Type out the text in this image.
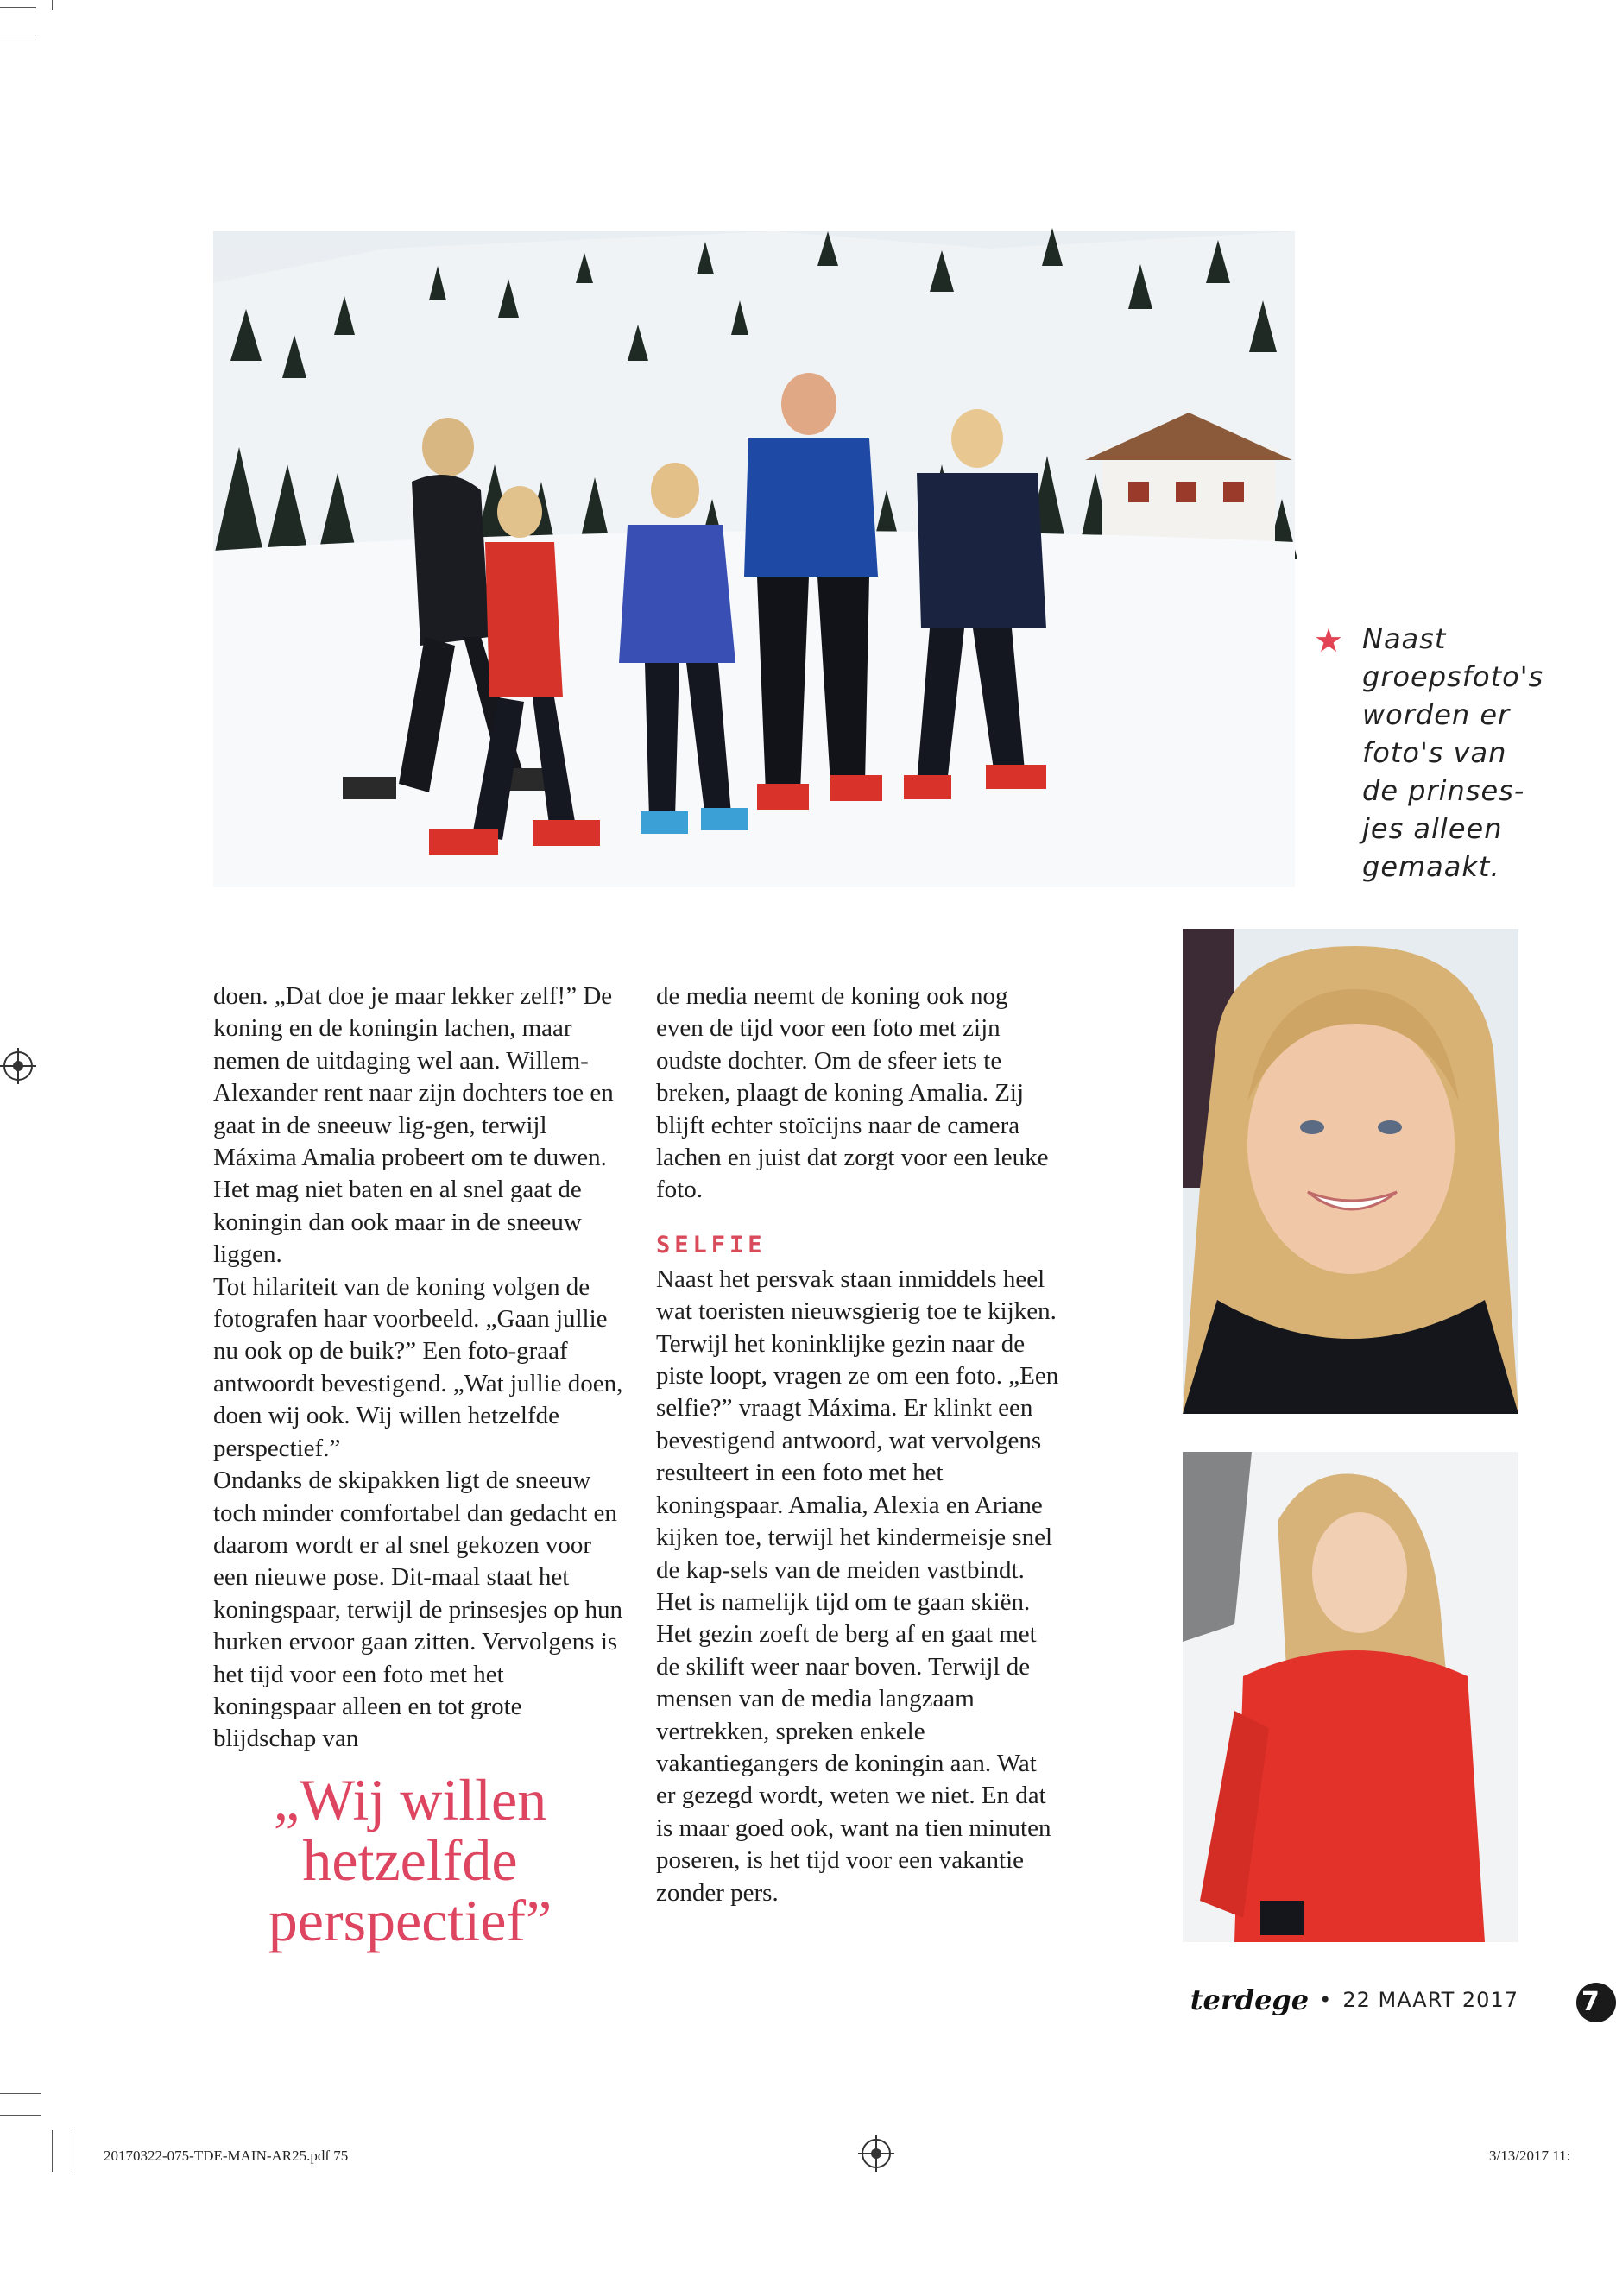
★ Naast groepsfoto's worden er foto's van de prinses-jes alleen gemaakt.

doen. „Dat doe je maar lekker zelf!” De koning en de koningin lachen, maar nemen de uitdaging wel aan. Willem-Alexander rent naar zijn dochters toe en gaat in de sneeuw lig-gen, terwijl Máxima Amalia probeert om te duwen. Het mag niet baten en al snel gaat de koningin dan ook maar in de sneeuw liggen.

Tot hilariteit van de koning volgen de fotografen haar voorbeeld. „Gaan jullie nu ook op de buik?” Een foto-graaf antwoordt bevestigend. „Wat jullie doen, doen wij ook. Wij willen hetzelfde perspectief.”

Ondanks de skipakken ligt de sneeuw toch minder comfortabel dan gedacht en daarom wordt er al snel gekozen voor een nieuwe pose. Dit-maal staat het koningspaar, terwijl de prinsesjes op hun hurken ervoor gaan zitten. Vervolgens is het tijd voor een foto met het koningspaar alleen en tot grote blijdschap van

„Wij willen hetzelfde perspectief”

de media neemt de koning ook nog even de tijd voor een foto met zijn oudste dochter. Om de sfeer iets te breken, plaagt de koning Amalia. Zij blijft echter stoïcijns naar de camera lachen en juist dat zorgt voor een leuke foto.

SELFIE

Naast het persvak staan inmiddels heel wat toeristen nieuwsgierig toe te kijken. Terwijl het koninklijke gezin naar de piste loopt, vragen ze om een foto. „Een selfie?” vraagt Máxima. Er klinkt een bevestigend antwoord, wat vervolgens resulteert in een foto met het koningspaar. Amalia, Alexia en Ariane kijken toe, terwijl het kindermeisje snel de kap-sels van de meiden vastbindt. Het is namelijk tijd om te gaan skiën.

Het gezin zoeft de berg af en gaat met de skilift weer naar boven. Terwijl de mensen van de media langzaam vertrekken, spreken enkele vakantiegangers de koningin aan. Wat er gezegd wordt, weten we niet. En dat is maar goed ook, want na tien minuten poseren, is het tijd voor een vakantie zonder pers.

terdege • 22 MAART 2017 7
20170322-075-TDE-MAIN-AR25.pdf 75	3/13/2017 11:
